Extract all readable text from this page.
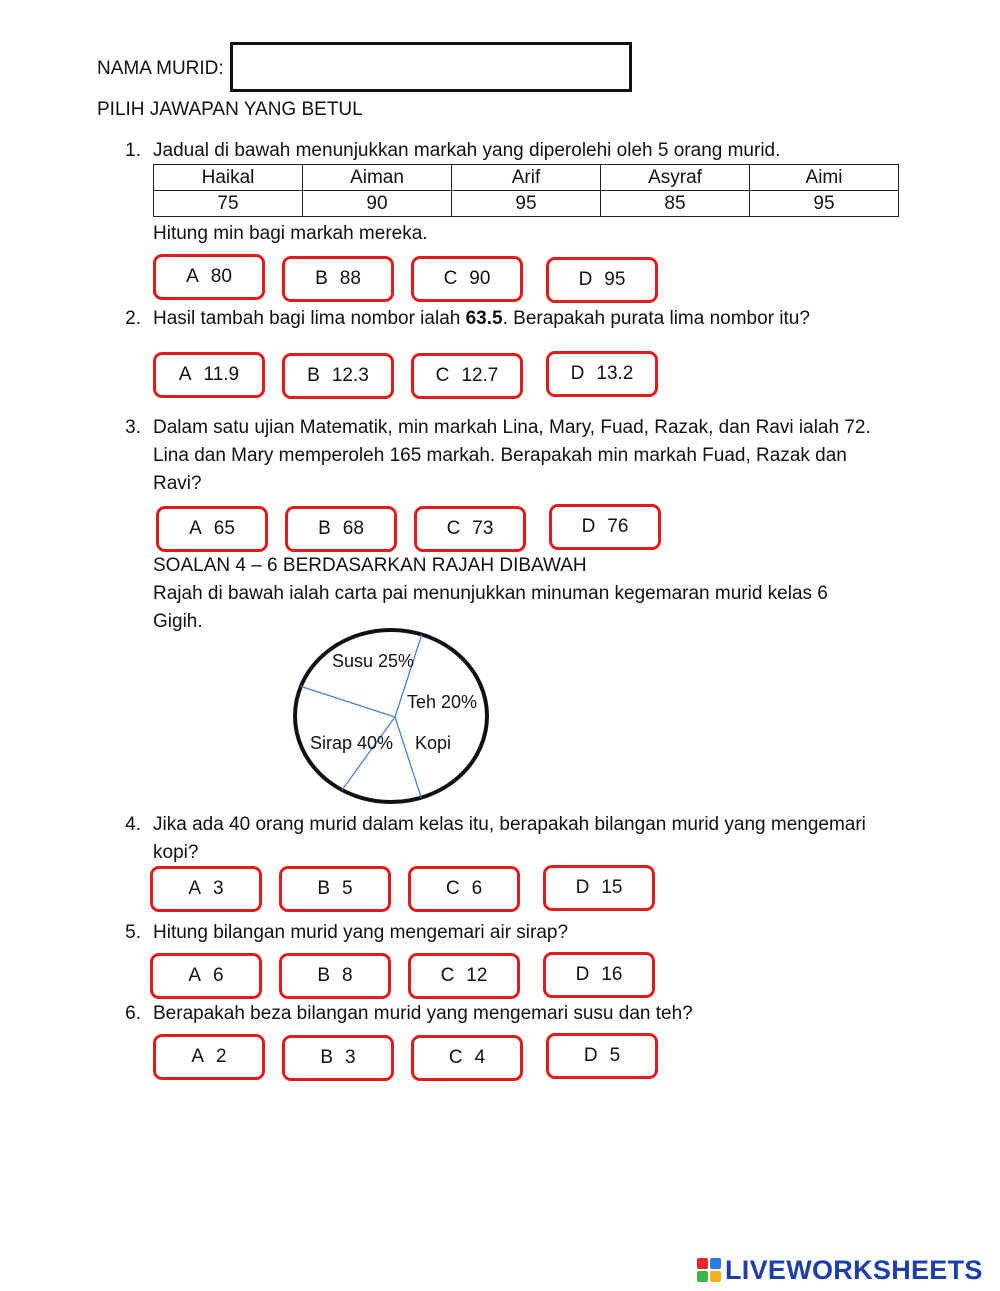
NAMA MURID:
PILIH JAWAPAN YANG BETUL
1. Jadual di bawah menunjukkan markah yang diperolehi oleh 5 orang murid.
Haikal	Aiman	Arif	Asyraf	Aimi
75	90	95	85	95
Hitung min bagi markah mereka.
A 80	B 88	C 90	D 95
2. Hasil tambah bagi lima nombor ialah 63.5. Berapakah purata lima nombor itu?
A 11.9	B 12.3	C 12.7	D 13.2
3. Dalam satu ujian Matematik, min markah Lina, Mary, Fuad, Razak, dan Ravi ialah 72.
Lina dan Mary memperoleh 165 markah. Berapakah min markah Fuad, Razak dan
Ravi?
A 65	B 68	C 73	D 76
SOALAN 4 – 6 BERDASARKAN RAJAH DIBAWAH
Rajah di bawah ialah carta pai menunjukkan minuman kegemaran murid kelas 6
Gigih.
Susu 25%
Teh 20%
Sirap 40% Kopi
4. Jika ada 40 orang murid dalam kelas itu, berapakah bilangan murid yang mengemari
kopi?
A 3	B 5	C 6	D 15
5. Hitung bilangan murid yang mengemari air sirap?
A 6	B 8	C 12	D 16
6. Berapakah beza bilangan murid yang mengemari susu dan teh?
A 2	B 3	C 4	D 5
LIVEWORKSHEETS
